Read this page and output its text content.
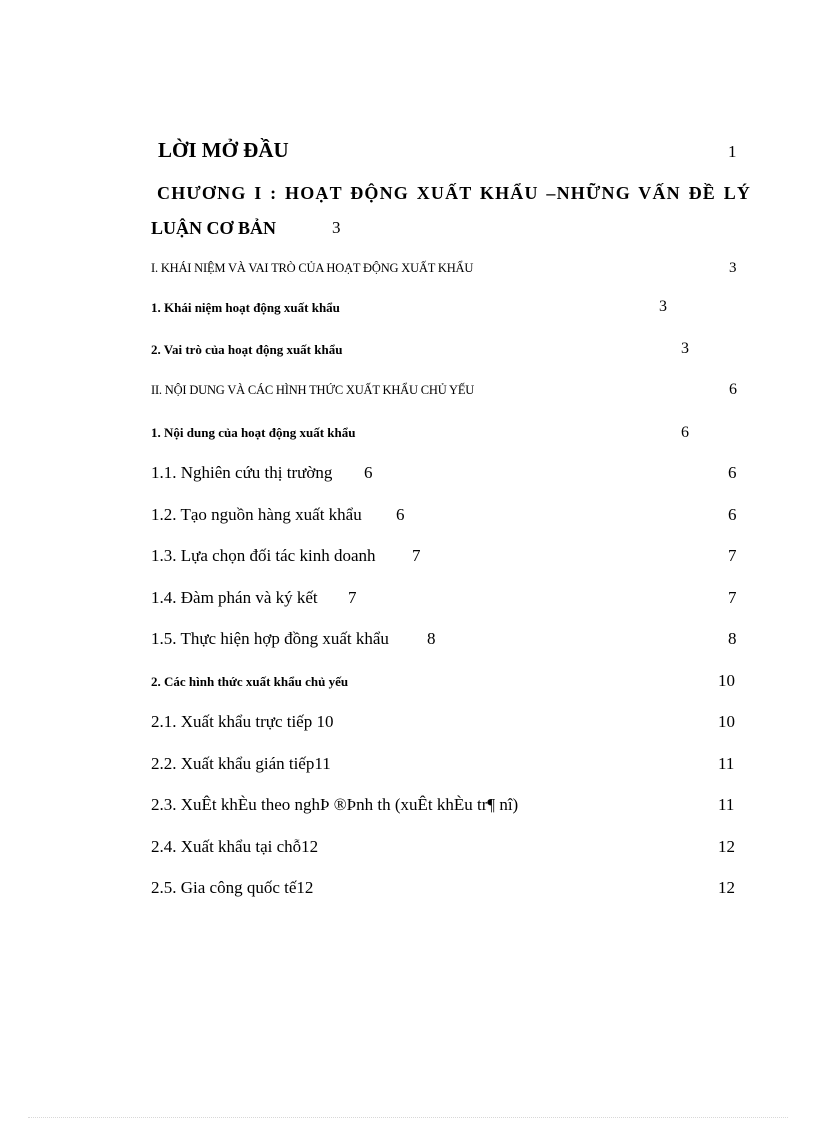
LỜI MỞ ĐẦU	1
CHƯƠNG I : HOẠT ĐỘNG XUẤT KHẨU –NHỮNG VẤN ĐỀ LÝ
LUẬN CƠ BẢN	3
I. KHÁI NIỆM VÀ VAI TRÒ CỦA HOẠT ĐỘNG XUẤT KHẨU	3
1. Khái niệm hoạt động xuất khẩu	3
2. Vai trò của hoạt động xuất khẩu	3
II. NỘI DUNG VÀ CÁC HÌNH THỨC XUẤT KHẨU CHỦ YẾU	6
1. Nội dung của hoạt động xuất khẩu	6
1.1. Nghiên cứu thị trường 6	6
1.2. Tạo nguồn hàng xuất khẩu 6	6
1.3. Lựa chọn đối tác kinh doanh 7	7
1.4. Đàm phán và ký kết 7	7
1.5. Thực hiện hợp đồng xuất khẩu 8	8
2. Các hình thức xuất khẩu chủ yếu	10
2.1. Xuất khẩu trực tiếp 10	10
2.2. Xuất khẩu gián tiếp11	11
2.3. XuÊt khÈu theo nghÞ ®Þnh th (xuÊt khÈu tr¶ nî)	11
2.4. Xuất khẩu tại chỗ12	12
2.5. Gia công quốc tế12	12
